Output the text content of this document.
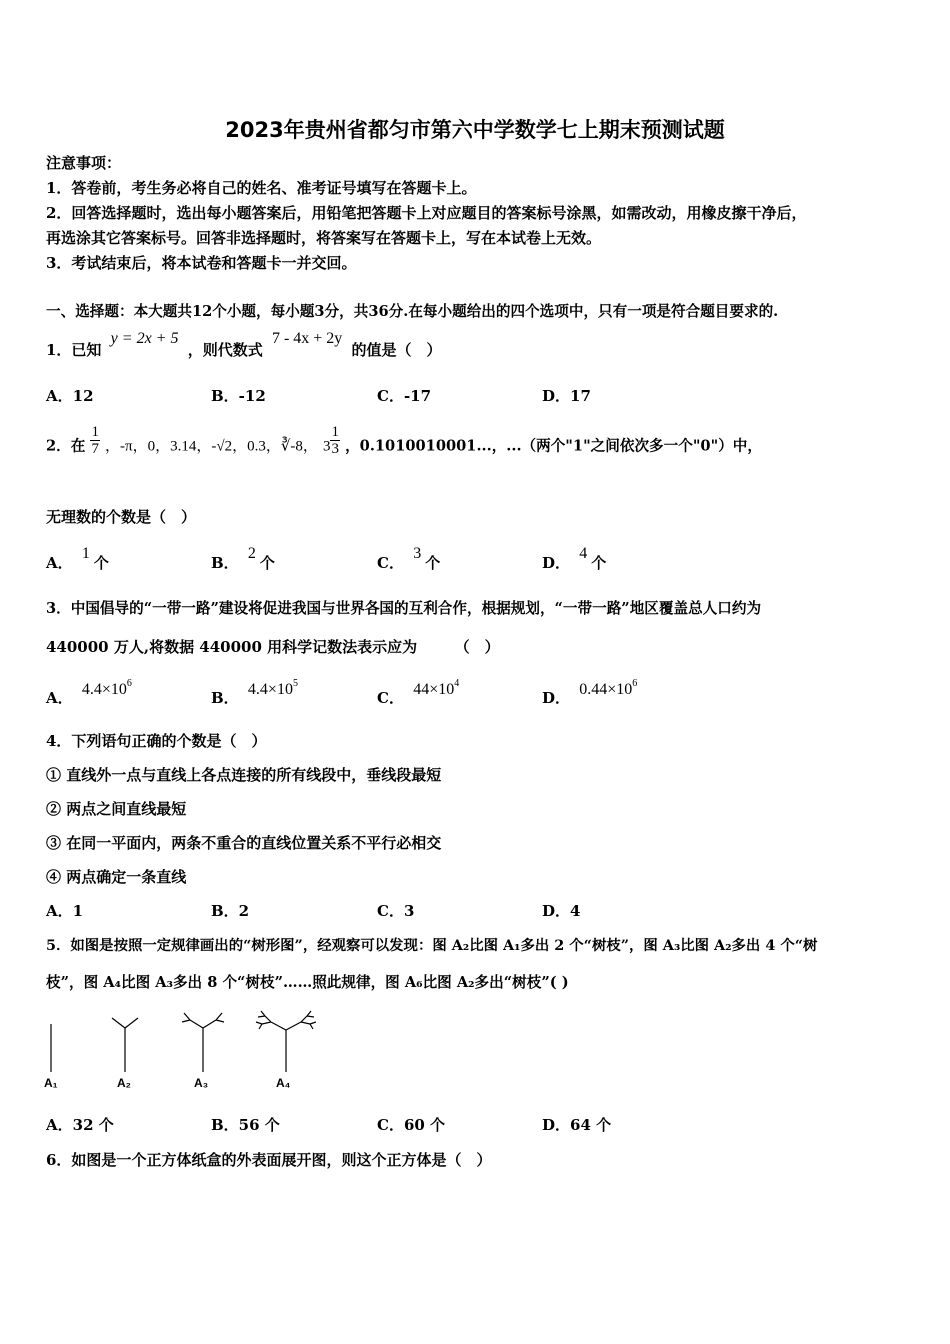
2023年贵州省都匀市第六中学数学七上期末预测试题
注意事项：
1．答卷前，考生务必将自己的姓名、准考证号填写在答题卡上。
2．回答选择题时，选出每小题答案后，用铅笔把答题卡上对应题目的答案标号涂黑，如需改动，用橡皮擦干净后，
再选涂其它答案标号。回答非选择题时，将答案写在答题卡上，写在本试卷上无效。
3．考试结束后，将本试卷和答题卡一并交回。
一、选择题：本大题共12个小题，每小题3分，共36分.在每小题给出的四个选项中，只有一项是符合题目要求的.
1．已知 y = 2x + 5 ，则代数式 7 - 4x + 2y 的值是（　）
A．12	B．-12	C．-17	D．17
2．在 $\frac{1}{7}$ ，-π，0，3.14，-√2，0.3，∛-8， $3 \frac{1}{3}$ ，0.1010010001...，...（两个"1"之间依次多一个"0"）中，
无理数的个数是（　）
A． 1个	B． 2个	C． 3个	D． 4个
3．中国倡导的“一带一路”建设将促进我国与世界各国的互利合作，根据规划，“一带一路”地区覆盖总人口约为
440000 万人,将数据 440000 用科学记数法表示应为　　　（　）
A． $4.4\times 10^6$
B． $4.4\times 10^5$
C． $44\times 10^4$
D． $0.44\times 10^6$
4．下列语句正确的个数是（　）
① 直线外一点与直线上各点连接的所有线段中，垂线段最短
② 两点之间直线最短
③ 在同一平面内，两条不重合的直线位置关系不平行必相交
④ 两点确定一条直线
A．1	B．2	C．3	D．4
5．如图是按照一定规律画出的“树形图”，经观察可以发现：图 A₂比图 A₁多出 2 个“树枝”，图 A₃比图 A₂多出 4 个“树
枝”，图 A₄比图 A₃多出 8 个“树枝”……照此规律，图 A₆比图 A₂多出“树枝”( )
A₁	A₂	A₃	A₄
A．32 个	B．56 个	C．60 个	D．64 个
6．如图是一个正方体纸盒的外表面展开图，则这个正方体是（　）
